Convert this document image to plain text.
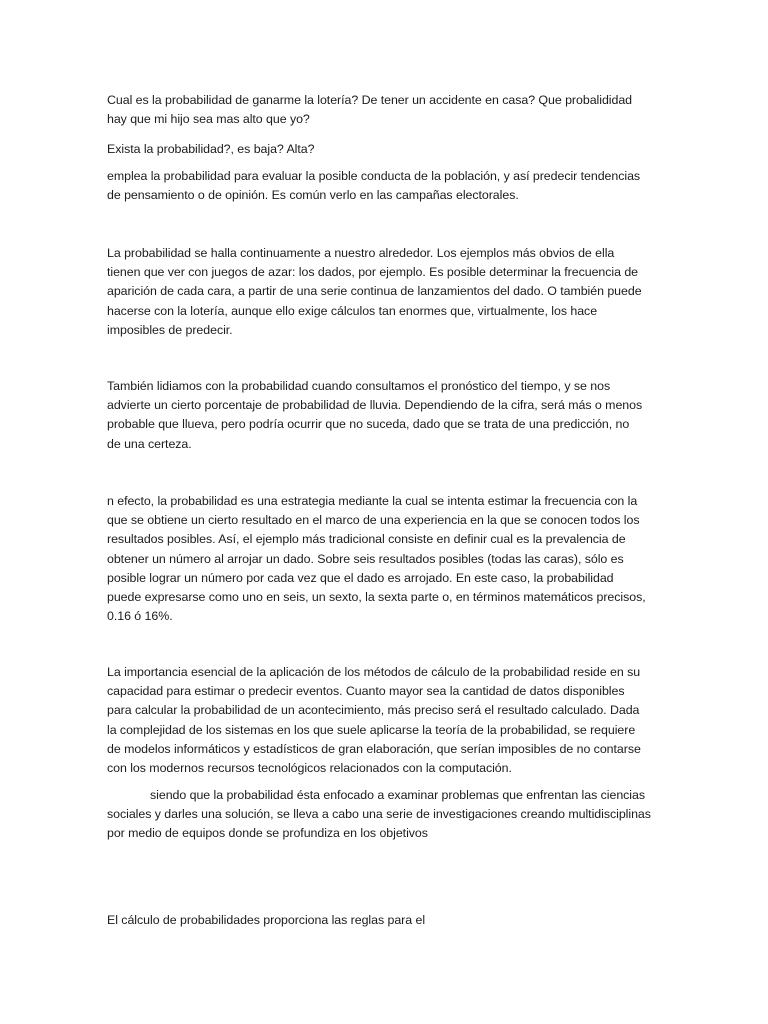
Cual es la probabilidad de ganarme la lotería? De tener un accidente en casa? Que probalididad
hay que mi hijo sea mas alto que yo?

Exista la probabilidad?, es baja? Alta?

emplea la probabilidad para evaluar la posible conducta de la población, y así predecir tendencias
de pensamiento o de opinión. Es común verlo en las campañas electorales.

La probabilidad se halla continuamente a nuestro alrededor. Los ejemplos más obvios de ella
tienen que ver con juegos de azar: los dados, por ejemplo. Es posible determinar la frecuencia de
aparición de cada cara, a partir de una serie continua de lanzamientos del dado. O también puede
hacerse con la lotería, aunque ello exige cálculos tan enormes que, virtualmente, los hace
imposibles de predecir.

También lidiamos con la probabilidad cuando consultamos el pronóstico del tiempo, y se nos
advierte un cierto porcentaje de probabilidad de lluvia. Dependiendo de la cifra, será más o menos
probable que llueva, pero podría ocurrir que no suceda, dado que se trata de una predicción, no
de una certeza.

n efecto, la probabilidad es una estrategia mediante la cual se intenta estimar la frecuencia con la
que se obtiene un cierto resultado en el marco de una experiencia en la que se conocen todos los
resultados posibles. Así, el ejemplo más tradicional consiste en definir cual es la prevalencia de
obtener un número al arrojar un dado. Sobre seis resultados posibles (todas las caras), sólo es
posible lograr un número por cada vez que el dado es arrojado. En este caso, la probabilidad
puede expresarse como uno en seis, un sexto, la sexta parte o, en términos matemáticos precisos,
0.16 ó 16%.

La importancia esencial de la aplicación de los métodos de cálculo de la probabilidad reside en su
capacidad para estimar o predecir eventos. Cuanto mayor sea la cantidad de datos disponibles
para calcular la probabilidad de un acontecimiento, más preciso será el resultado calculado. Dada
la complejidad de los sistemas en los que suele aplicarse la teoría de la probabilidad, se requiere
de modelos informáticos y estadísticos de gran elaboración, que serían imposibles de no contarse
con los modernos recursos tecnológicos relacionados con la computación.

siendo que la probabilidad ésta enfocado a examinar problemas que enfrentan las ciencias
sociales y darles una solución, se lleva a cabo una serie de investigaciones creando multidisciplinas
por medio de equipos donde se profundiza en los objetivos

El cálculo de probabilidades proporciona las reglas para el
